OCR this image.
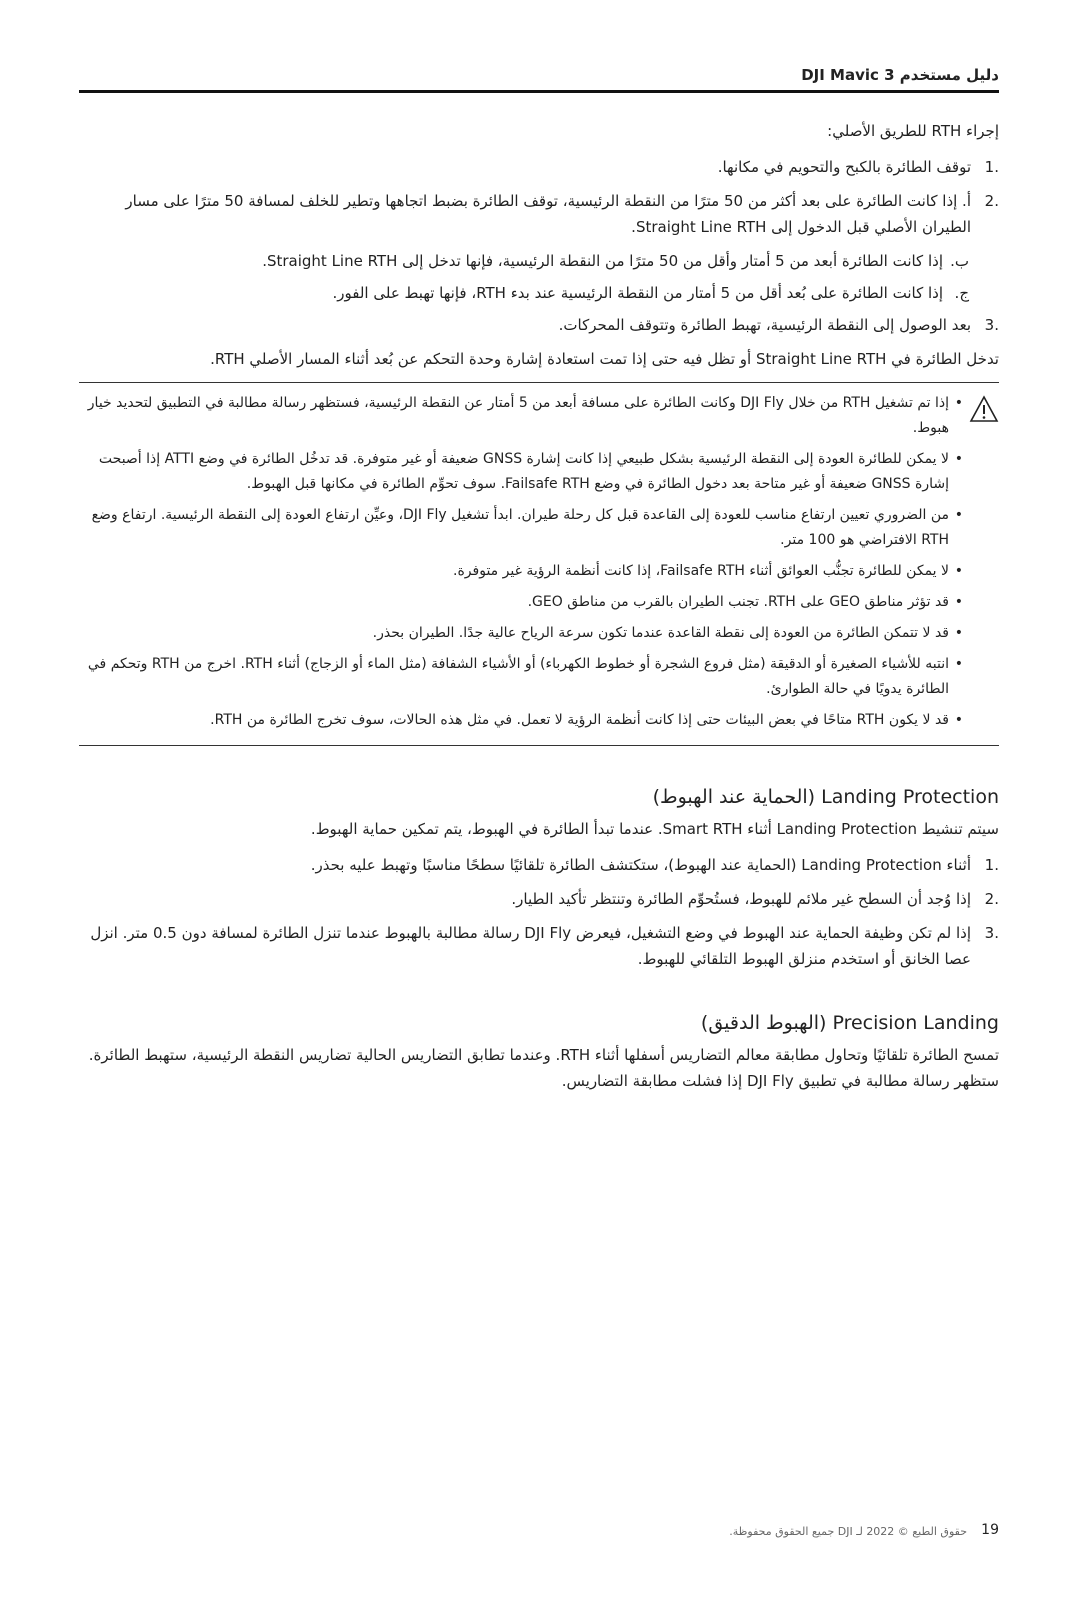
دليل مستخدم DJI Mavic 3

إجراء RTH للطريق الأصلي:

.1
توقف الطائرة بالكبح والتحويم في مكانها.
.2
أ. إذا كانت الطائرة على بعد أكثر من 50 مترًا من النقطة الرئيسية، توقف الطائرة بضبط اتجاهها وتطير للخلف لمسافة 50 مترًا على مسار الطيران الأصلي قبل الدخول إلى Straight Line RTH.
ب.
إذا كانت الطائرة أبعد من 5 أمتار وأقل من 50 مترًا من النقطة الرئيسية، فإنها تدخل إلى Straight Line RTH.
ج.
إذا كانت الطائرة على بُعد أقل من 5 أمتار من النقطة الرئيسية عند بدء RTH، فإنها تهبط على الفور.
.3
بعد الوصول إلى النقطة الرئيسية، تهبط الطائرة وتتوقف المحركات.

تدخل الطائرة في Straight Line RTH أو تظل فيه حتى إذا تمت استعادة إشارة وحدة التحكم عن بُعد أثناء المسار الأصلي RTH.

• إذا تم تشغيل RTH من خلال DJI Fly وكانت الطائرة على مسافة أبعد من 5 أمتار عن النقطة الرئيسية، فستظهر رسالة مطالبة في التطبيق لتحديد خيار هبوط.
• لا يمكن للطائرة العودة إلى النقطة الرئيسية بشكل طبيعي إذا كانت إشارة GNSS ضعيفة أو غير متوفرة. قد تدخُل الطائرة في وضع ATTI إذا أصبحت إشارة GNSS ضعيفة أو غير متاحة بعد دخول الطائرة في وضع Failsafe RTH. سوف تحوِّم الطائرة في مكانها قبل الهبوط.
• من الضروري تعيين ارتفاع مناسب للعودة إلى القاعدة قبل كل رحلة طيران. ابدأ تشغيل DJI Fly، وعيِّن ارتفاع العودة إلى النقطة الرئيسية. ارتفاع وضع RTH الافتراضي هو 100 متر.
• لا يمكن للطائرة تجنُّب العوائق أثناء Failsafe RTH، إذا كانت أنظمة الرؤية غير متوفرة.
• قد تؤثر مناطق GEO على RTH. تجنب الطيران بالقرب من مناطق GEO.
• قد لا تتمكن الطائرة من العودة إلى نقطة القاعدة عندما تكون سرعة الرياح عالية جدًا. الطيران بحذر.
• انتبه للأشياء الصغيرة أو الدقيقة (مثل فروع الشجرة أو خطوط الكهرباء) أو الأشياء الشفافة (مثل الماء أو الزجاج) أثناء RTH. اخرج من RTH وتحكم في الطائرة يدويًا في حالة الطوارئ.
• قد لا يكون RTH متاحًا في بعض البيئات حتى إذا كانت أنظمة الرؤية لا تعمل. في مثل هذه الحالات، سوف تخرج الطائرة من RTH.
Landing Protection (الحماية عند الهبوط)

سيتم تنشيط Landing Protection أثناء Smart RTH. عندما تبدأ الطائرة في الهبوط، يتم تمكين حماية الهبوط.

.1
أثناء Landing Protection (الحماية عند الهبوط)، ستكتشف الطائرة تلقائيًا سطحًا مناسبًا وتهبط عليه بحذر.
.2
إذا وُجد أن السطح غير ملائم للهبوط، فستُحوِّم الطائرة وتنتظر تأكيد الطيار.
.3
إذا لم تكن وظيفة الحماية عند الهبوط في وضع التشغيل، فيعرض DJI Fly رسالة مطالبة بالهبوط عندما تنزل الطائرة لمسافة دون 0.5 متر. انزل عصا الخانق أو استخدم منزلق الهبوط التلقائي للهبوط.
Precision Landing (الهبوط الدقيق)

تمسح الطائرة تلقائيًا وتحاول مطابقة معالم التضاريس أسفلها أثناء RTH. وعندما تطابق التضاريس الحالية تضاريس النقطة الرئيسية، ستهبط الطائرة. ستظهر رسالة مطالبة في تطبيق DJI Fly إذا فشلت مطابقة التضاريس.

19
حقوق الطبع © 2022 لـ DJI جميع الحقوق محفوظة.
